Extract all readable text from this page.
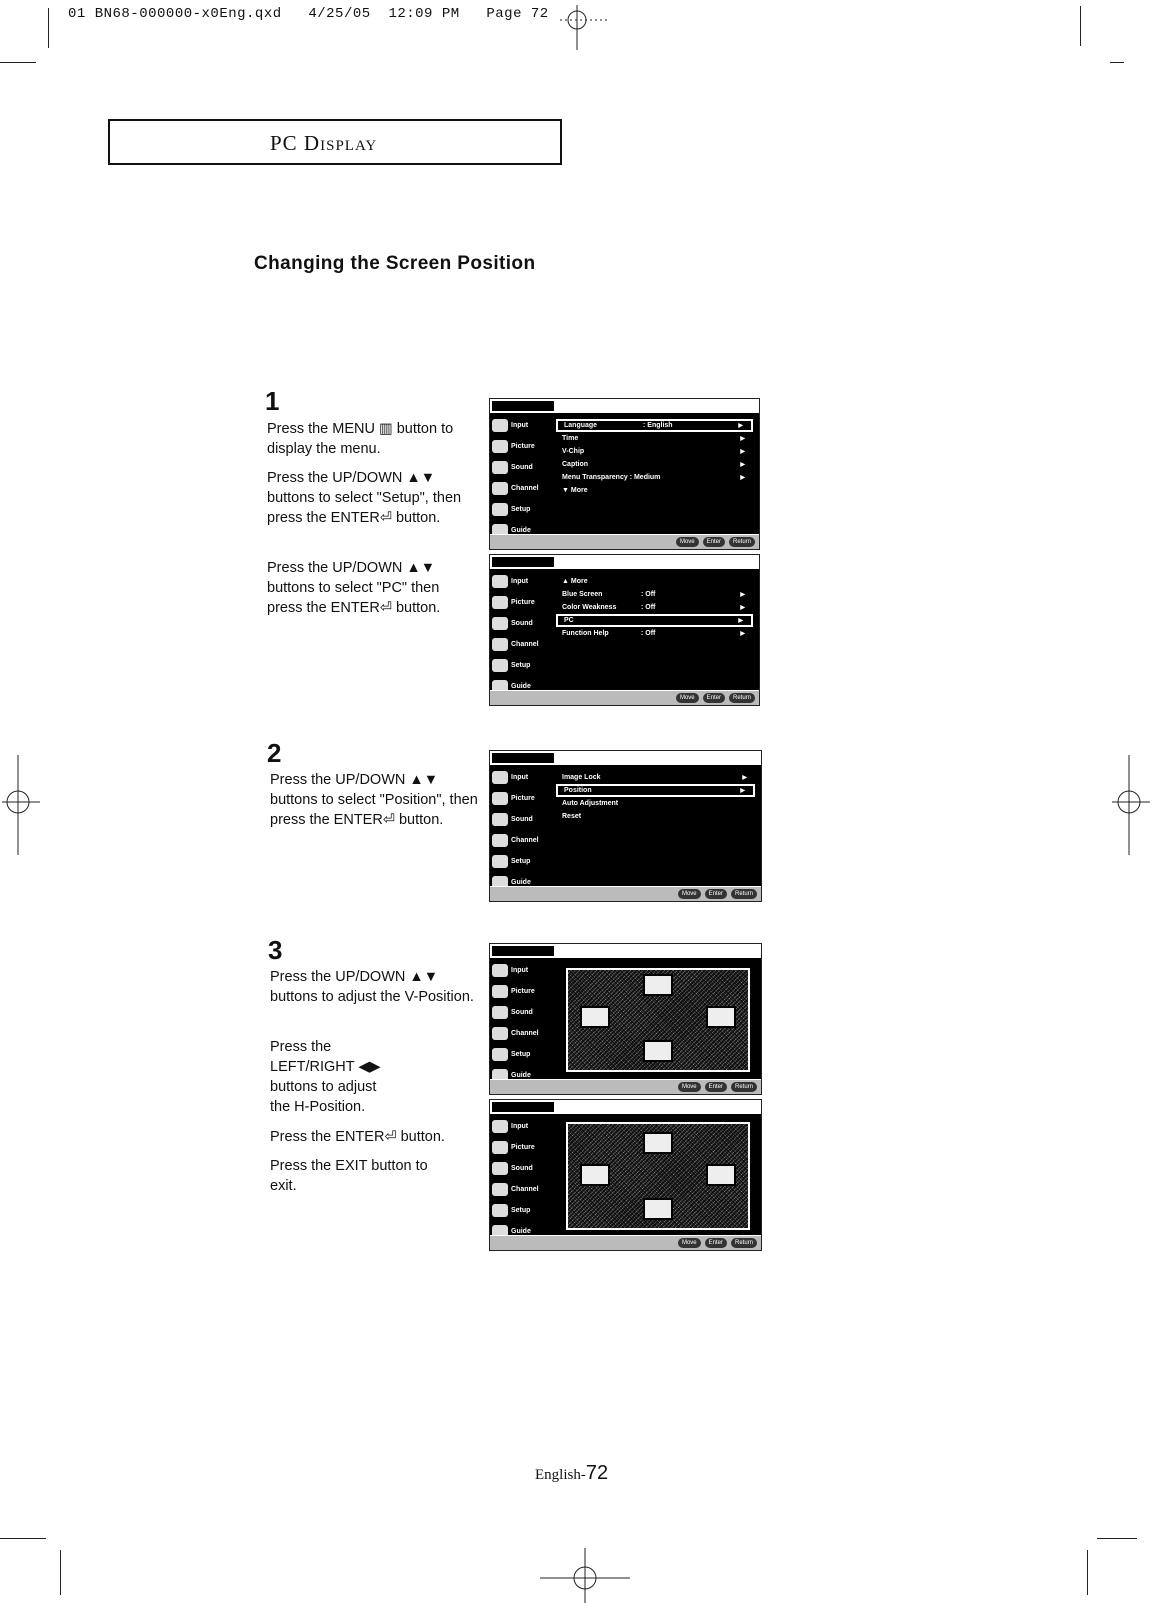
01 BN68-000000-x0Eng.qxd   4/25/05  12:09 PM   Page 72
PC Display
Changing the Screen Position
1
Press the MENU ▥ button to display the menu.
Press the UP/DOWN ▲▼ buttons to select "Setup", then press the ENTER⏎ button.
Press the UP/DOWN ▲▼ buttons to select "PC" then press the ENTER⏎ button.
2
Press the UP/DOWN ▲▼ buttons to select "Position", then press the ENTER⏎ button.
3
Press the UP/DOWN ▲▼ buttons to adjust the V-Position.
Press the LEFT/RIGHT ◀▶ buttons to adjust the H-Position.
Press the ENTER⏎ button.
Press the EXIT button to exit.
Input
Picture
Sound
Channel
Setup
Guide
Language	: English	▶
Time	▶
V-Chip	▶
Caption	▶
Menu Transparency : Medium	▶
▼ More
Move	Enter	Return
Input
Picture
Sound
Channel
Setup
Guide
▲ More
Blue Screen	: Off	▶
Color Weakness	: Off	▶
PC	▶
Function Help	: Off	▶
Move	Enter	Return
Input
Picture
Sound
Channel
Setup
Guide
Image Lock	▶
Position	▶
Auto Adjustment
Reset
Move	Enter	Return
Input
Picture
Sound
Channel
Setup
Guide
Move	Enter	Return
Input
Picture
Sound
Channel
Setup
Guide
Move	Enter	Return
English-72
